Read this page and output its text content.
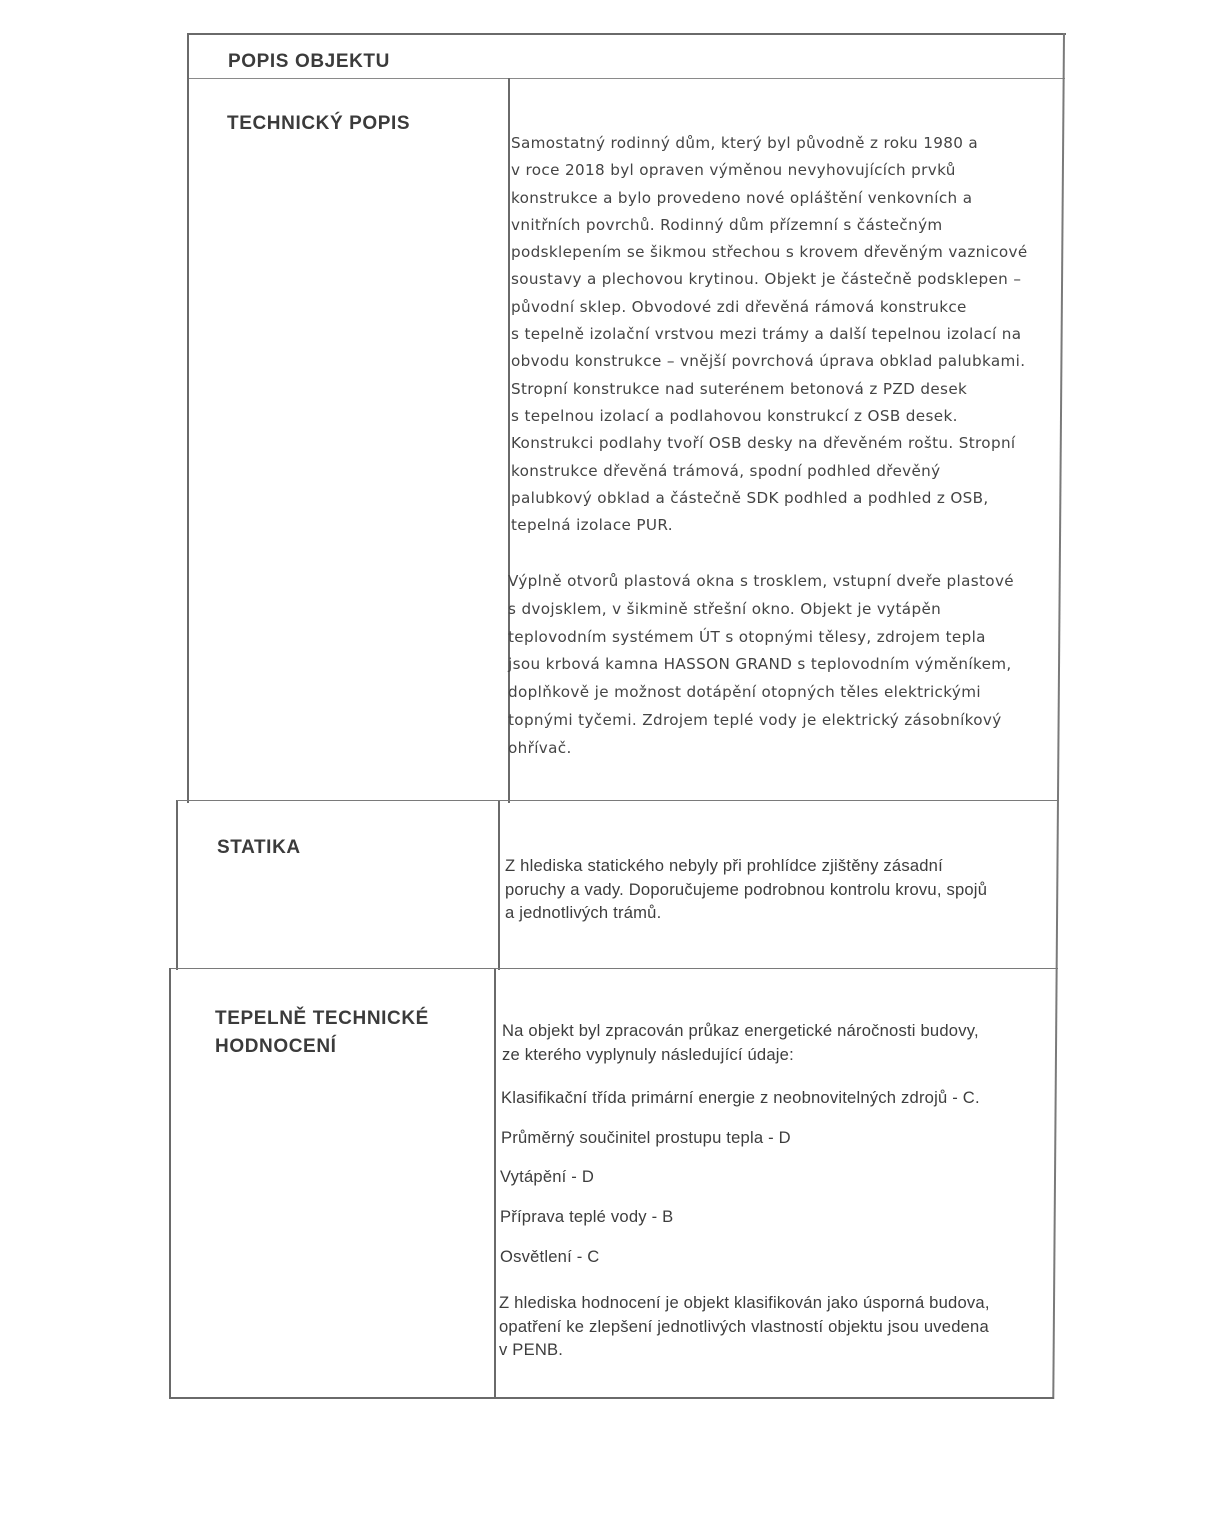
POPIS OBJEKTU
TECHNICKÝ POPIS

Samostatný rodinný dům, který byl původně z roku 1980 a

v roce 2018 byl opraven výměnou nevyhovujících prvků

konstrukce a bylo provedeno nové opláštění venkovních a

vnitřních povrchů. Rodinný dům přízemní s částečným

podsklepením se šikmou střechou s krovem dřevěným vaznicové

soustavy a plechovou krytinou. Objekt je částečně podsklepen –

původní sklep. Obvodové zdi dřevěná rámová konstrukce

s tepelně izolační vrstvou mezi trámy a další tepelnou izolací na

obvodu konstrukce – vnější povrchová úprava obklad palubkami.

Stropní konstrukce nad suterénem betonová z PZD desek

s tepelnou izolací a podlahovou konstrukcí z OSB desek.

Konstrukci podlahy tvoří OSB desky na dřevěném roštu. Stropní

konstrukce dřevěná trámová, spodní podhled dřevěný

palubkový obklad a částečně SDK podhled a podhled z OSB,

tepelná izolace PUR.

Výplně otvorů plastová okna s trosklem, vstupní dveře plastové

s dvojsklem, v šikmině střešní okno. Objekt je vytápěn

teplovodním systémem ÚT s otopnými tělesy, zdrojem tepla

jsou krbová kamna HASSON GRAND s teplovodním výměníkem,

doplňkově je možnost dotápění otopných těles elektrickými

topnými tyčemi. Zdrojem teplé vody je elektrický zásobníkový

ohřívač.

STATIKA

Z hlediska statického nebyly při prohlídce zjištěny zásadní

poruchy a vady. Doporučujeme podrobnou kontrolu krovu, spojů

a jednotlivých trámů.

TEPELNĚ TECHNICKÉ
HODNOCENÍ

Na objekt byl zpracován průkaz energetické náročnosti budovy,

ze kterého vyplynuly následující údaje:

Klasifikační třída primární energie z neobnovitelných zdrojů - C.
Průměrný součinitel prostupu tepla - D
Vytápění - D
Příprava teplé vody - B
Osvětlení - C

Z hlediska hodnocení je objekt klasifikován jako úsporná budova,

opatření ke zlepšení jednotlivých vlastností objektu jsou uvedena

v PENB.
